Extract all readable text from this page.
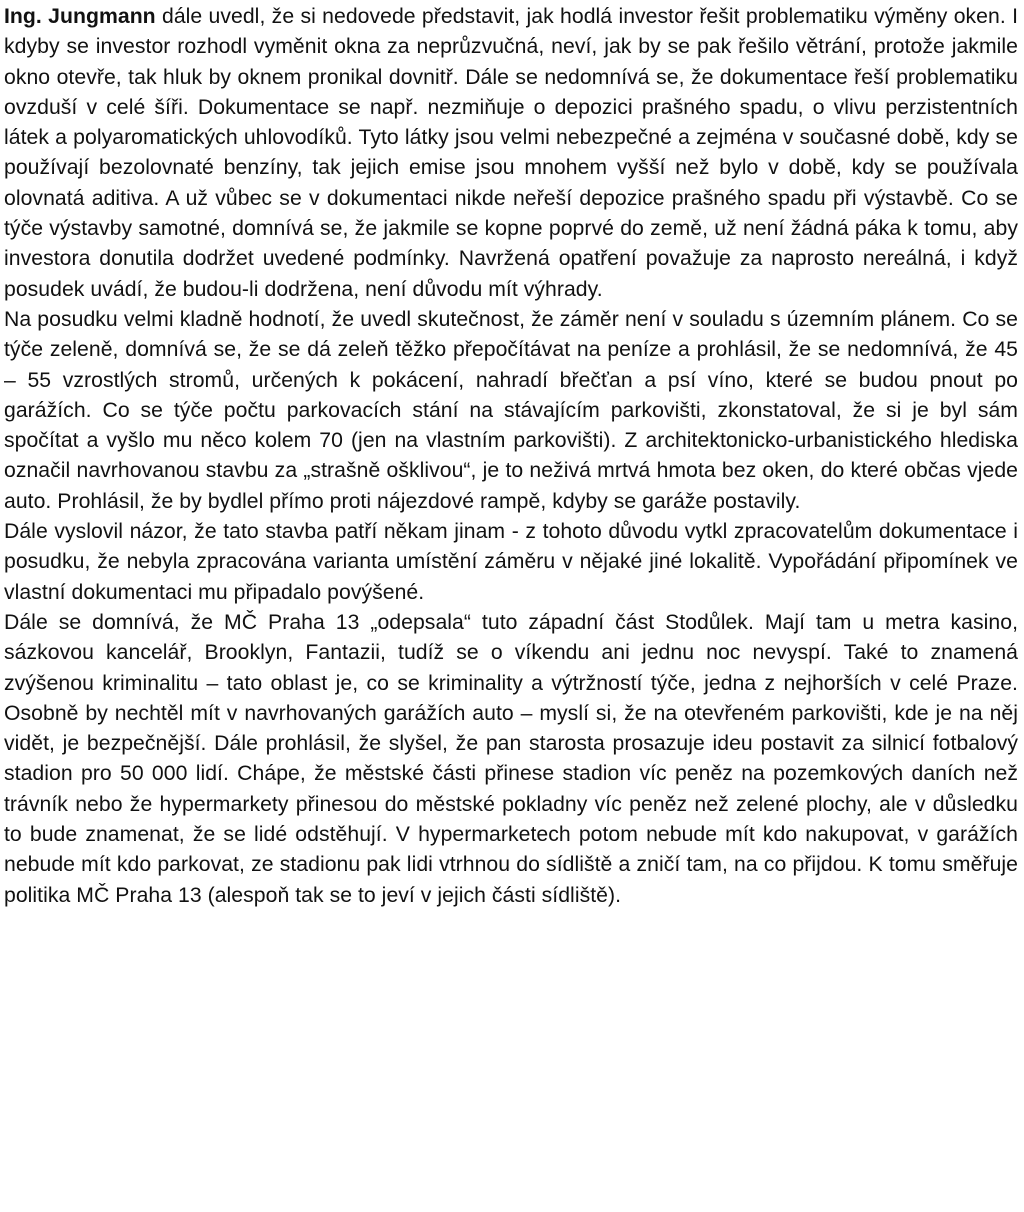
Ing. Jungmann dále uvedl, že si nedovede představit, jak hodlá investor řešit problematiku výměny oken. I kdyby se investor rozhodl vyměnit okna za neprůzvučná, neví, jak by se pak řešilo větrání, protože jakmile okno otevře, tak hluk by oknem pronikal dovnitř. Dále se nedomnívá se, že dokumentace řeší problematiku ovzduší v celé šíři. Dokumentace se např. nezmiňuje o depozici prašného spadu, o vlivu perzistentních látek a polyaromatických uhlovodíků. Tyto látky jsou velmi nebezpečné a zejména v současné době, kdy se používají bezolovnaté benzíny, tak jejich emise jsou mnohem vyšší než bylo v době, kdy se používala olovnatá aditiva. A už vůbec se v dokumentaci nikde neřeší depozice prašného spadu při výstavbě. Co se týče výstavby samotné, domnívá se, že jakmile se kopne poprvé do země, už není žádná páka k tomu, aby investora donutila dodržet uvedené podmínky. Navržená opatření považuje za naprosto nereálná, i když posudek uvádí, že budou-li dodržena, není důvodu mít výhrady.

Na posudku velmi kladně hodnotí, že uvedl skutečnost, že záměr není v souladu s územním plánem. Co se týče zeleně, domnívá se, že se dá zeleň těžko přepočítávat na peníze a prohlásil, že se nedomnívá, že 45 – 55 vzrostlých stromů, určených k pokácení, nahradí břečťan a psí víno, které se budou pnout po garážích. Co se týče počtu parkovacích stání na stávajícím parkovišti, zkonstatoval, že si je byl sám spočítat a vyšlo mu něco kolem 70 (jen na vlastním parkovišti). Z architektonicko-urbanistického hlediska označil navrhovanou stavbu za „strašně ošklivou“, je to neživá mrtvá hmota bez oken, do které občas vjede auto. Prohlásil, že by bydlel přímo proti nájezdové rampě, kdyby se garáže postavily.

Dále vyslovil názor, že tato stavba patří někam jinam - z tohoto důvodu vytkl zpracovatelům dokumentace i posudku, že nebyla zpracována varianta umístění záměru v nějaké jiné lokalitě. Vypořádání připomínek ve vlastní dokumentaci mu připadalo povýšené.

Dále se domnívá, že MČ Praha 13 „odepsala“ tuto západní část Stodůlek. Mají tam u metra kasino, sázkovou kancelář, Brooklyn, Fantazii, tudíž se o víkendu ani jednu noc nevyspí. Také to znamená zvýšenou kriminalitu – tato oblast je, co se kriminality a výtržností týče, jedna z nejhorších v celé Praze. Osobně by nechtěl mít v navrhovaných garážích auto – myslí si, že na otevřeném parkovišti, kde je na něj vidět, je bezpečnější. Dále prohlásil, že slyšel, že pan starosta prosazuje ideu postavit za silnicí fotbalový stadion pro 50 000 lidí. Chápe, že městské části přinese stadion víc peněz na pozemkových daních než trávník nebo že hypermarkety přinesou do městské pokladny víc peněz než zelené plochy, ale v důsledku to bude znamenat, že se lidé odstěhují. V hypermarketech potom nebude mít kdo nakupovat, v garážích nebude mít kdo parkovat, ze stadionu pak lidi vtrhnou do sídliště a zničí tam, na co přijdou. K tomu směřuje politika MČ Praha 13 (alespoň tak se to jeví v jejich části sídliště).
